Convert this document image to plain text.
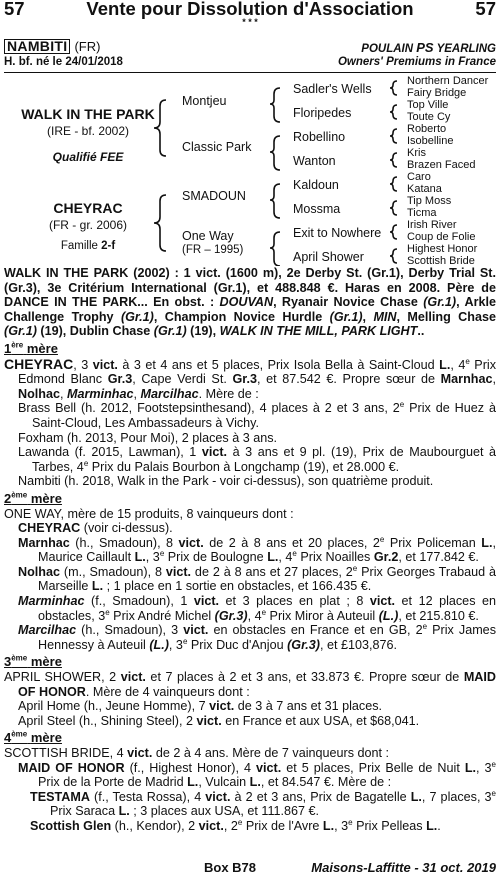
57	Vente pour Dissolution d'Association	57
* * *
NAMBITI (FR)	POULAIN PS YEARLING
H. bf. né le 24/01/2018	Owners' Premiums in France
WALK IN THE PARK
(IRE - bf. 2002)
Qualifié FEE
CHEYRAC
(FR - gr. 2006)
Famille 2-f
Montjeu
Classic Park
SMADOUN
One Way
(FR – 1995)
Sadler's Wells
Floripedes
Robellino
Wanton
Kaldoun
Mossma
Exit to Nowhere
April Shower
Northern Dancer
Fairy Bridge
Top Ville
Toute Cy
Roberto
Isobelline
Kris
Brazen Faced
Caro
Katana
Tip Moss
Ticma
Irish River
Coup de Folie
Highest Honor
Scottish Bride

WALK IN THE PARK (2002) : 1 vict. (1600 m), 2e Derby St. (Gr.1), Derby Trial St. (Gr.3), 3e Critérium International (Gr.1), et 488.848 €. Haras en 2008. Père de DANCE IN THE PARK... En obst. : DOUVAN, Ryanair Novice Chase (Gr.1), Arkle Challenge Trophy (Gr.1), Champion Novice Hurdle (Gr.1), MIN, Melling Chase (Gr.1) (19), Dublin Chase (Gr.1) (19), WALK IN THE MILL, PARK LIGHT..

1ère mère

CHEYRAC, 3 vict. à 3 et 4 ans et 5 places, Prix Isola Bella à Saint-Cloud L., 4e Prix Edmond Blanc Gr.3, Cape Verdi St. Gr.3, et 87.542 €. Propre sœur de Marnhac, Nolhac, Marminhac, Marcilhac. Mère de :

Brass Bell (h. 2012, Footstepsinthesand), 4 places à 2 et 3 ans, 2e Prix de Huez à Saint-Cloud, Les Ambassadeurs à Vichy.

Foxham (h. 2013, Pour Moi), 2 places à 3 ans.

Lawanda (f. 2015, Lawman), 1 vict. à 3 ans et 9 pl. (19), Prix de Maubourguet à Tarbes, 4e Prix du Palais Bourbon à Longchamp (19), et 28.000 €.

Nambiti (h. 2018, Walk in the Park - voir ci-dessus), son quatrième produit.

2ème mère

ONE WAY, mère de 15 produits, 8 vainqueurs dont :

CHEYRAC (voir ci-dessus).

Marnhac (h., Smadoun), 8 vict. de 2 à 8 ans et 20 places, 2e Prix Policeman L., Maurice Caillault L., 3e Prix de Boulogne L., 4e Prix Noailles Gr.2, et 177.842 €.

Nolhac (m., Smadoun), 8 vict. de 2 à 8 ans et 27 places, 2e Prix Georges Trabaud à Marseille L. ; 1 place en 1 sortie en obstacles, et 166.435 €.

Marminhac (f., Smadoun), 1 vict. et 3 places en plat ; 8 vict. et 12 places en obstacles, 3e Prix André Michel (Gr.3), 4e Prix Miror à Auteuil (L.), et 215.810 €.

Marcilhac (h., Smadoun), 3 vict. en obstacles en France et en GB, 2e Prix James Hennessy à Auteuil (L.), 3e Prix Duc d'Anjou (Gr.3), et £103,876.

3ème mère

APRIL SHOWER, 2 vict. et 7 places à 2 et 3 ans, et 33.873 €. Propre sœur de MAID OF HONOR. Mère de 4 vainqueurs dont :

April Home (h., Jeune Homme), 7 vict. de 3 à 7 ans et 31 places.

April Steel (h., Shining Steel), 2 vict. en France et aux USA, et $68,041.

4ème mère

SCOTTISH BRIDE, 4 vict. de 2 à 4 ans. Mère de 7 vainqueurs dont :

MAID OF HONOR (f., Highest Honor), 4 vict. et 5 places, Prix Belle de Nuit L., 3e Prix de la Porte de Madrid L., Vulcain L., et 84.547 €. Mère de :

TESTAMA (f., Testa Rossa), 4 vict. à 2 et 3 ans, Prix de Bagatelle L., 7 places, 3e Prix Saraca L. ; 3 places aux USA, et 111.867 €.

Scottish Glen (h., Kendor), 2 vict., 2e Prix de l'Avre L., 3e Prix Pelleas L..

Box B78	Maisons-Laffitte - 31 oct. 2019
